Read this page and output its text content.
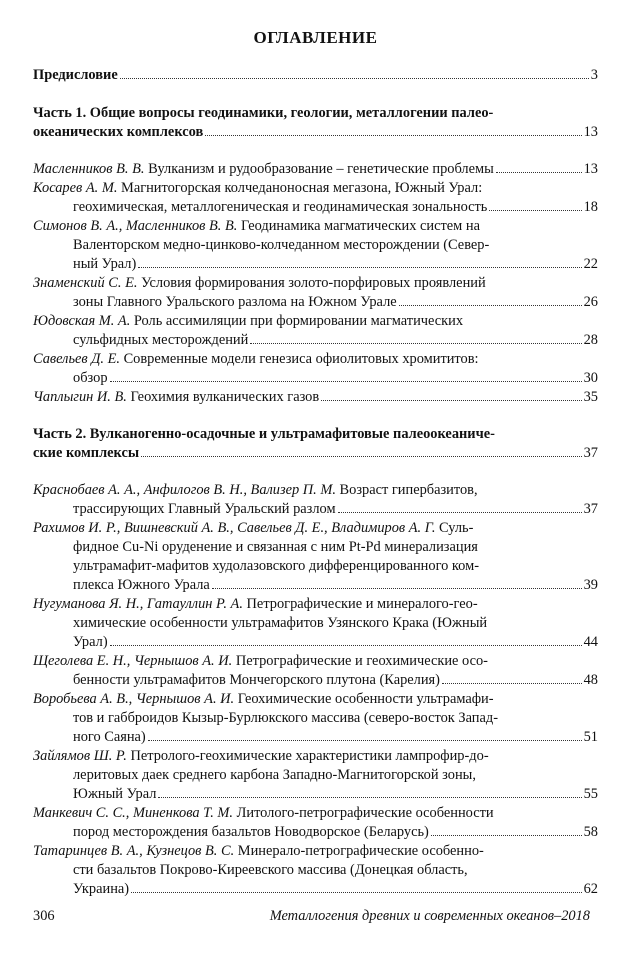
ОГЛАВЛЕНИЕ
Предисловие	3
Часть 1. Общие вопросы геодинамики, геологии, металлогении палео-
океанических комплексов	13
Масленников В. В. Вулканизм и рудообразование – генетические проблемы	13
Косарев А. М. Магнитогорская колчеданоносная мегазона, Южный Урал:
геохимическая, металлогеническая и геодинамическая зональность	18
Симонов В. А., Масленников В. В. Геодинамика магматических систем на
Валенторском медно-цинково-колчеданном месторождении (Север-
ный Урал)	22
Знаменский С. Е. Условия формирования золото-порфировых проявлений
зоны Главного Уральского разлома на Южном Урале	26
Юдовская М. А. Роль ассимиляции при формировании магматических
сульфидных месторождений	28
Савельев Д. Е. Современные модели генезиса офиолитовых хромититов:
обзор	30
Чаплыгин И. В. Геохимия вулканических газов	35
Часть 2. Вулканогенно-осадочные и ультрамафитовые палеоокеаниче-
ские комплексы	37
Краснобаев А. А., Анфилогов В. Н., Вализер П. М. Возраст гипербазитов,
трассирующих Главный Уральский разлом	37
Рахимов И. Р., Вишневский А. В., Савельев Д. Е., Владимиров А. Г. Суль-
фидное Cu-Ni оруденение и связанная с ним Pt-Pd минерализация
ультрамафит-мафитов худолазовского дифференцированного ком-
плекса Южного Урала	39
Нугуманова Я. Н., Гатауллин Р. А. Петрографические и минералого-гео-
химические особенности ультрамафитов Узянского Крака (Южный
Урал)	44
Щеголева Е. Н., Чернышов А. И. Петрографические и геохимические осо-
бенности ультрамафитов Мончегорского плутона (Карелия)	48
Воробьева А. В., Чернышов А. И. Геохимические особенности ультрамафи-
тов и габброидов Кызыр-Бурлюкского массива (северо-восток Запад-
ного Саяна)	51
Зайлямов Ш. Р. Петролого-геохимические характеристики лампрофир-до-
леритовых даек среднего карбона Западно-Магнитогорской зоны,
Южный Урал	55
Манкевич С. С., Миненкова Т. М. Литолого-петрографические особенности
пород месторождения базальтов Новодворское (Беларусь)	58
Татаринцев В. А., Кузнецов В. С. Минерало-петрографические особенно-
сти базальтов Покрово-Киреевского массива (Донецкая область,
Украина)	62
306	Металлогения древних и современных океанов–2018
